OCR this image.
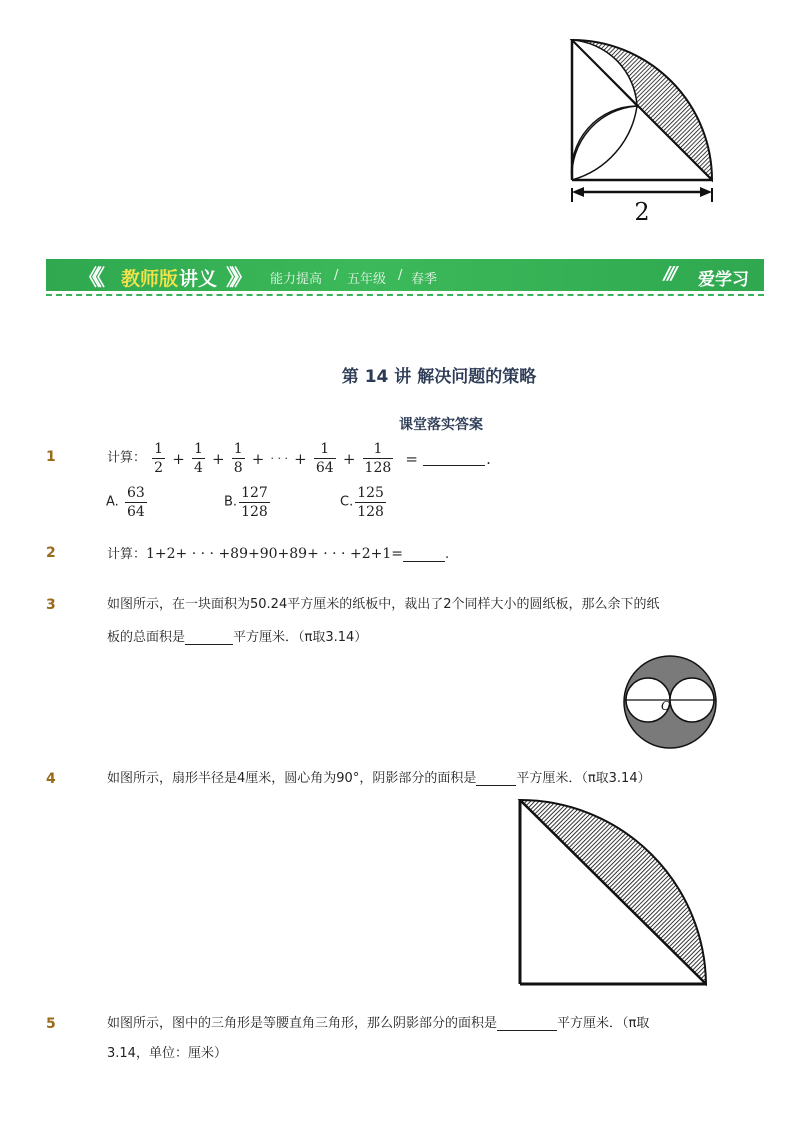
2
《《 教师版 讲义 》》 能力提高 / 五年级 / 春季	/// 爱学习
第 14 讲 解决问题的策略
课堂落实答案
1	计算： $\frac{1}{2} + \frac{1}{4} + \frac{1}{8}$ + · · · + $\frac{1}{64} + \frac{1}{128}$ =	.
A. $\frac{63}{64}$	B. $\frac{127}{128}$	C. $\frac{125}{128}$
2	计算：1+2+ · · · +89+90+89+ · · · +2+1=	.
3	如图所示，在一块面积为50.24平方厘米的纸板中，裁出了2个同样大小的圆纸板，那么余下的纸
板的总面积是	平方厘米．（π取3.14）
O
4	如图所示，扇形半径是4厘米，圆心角为90°，阴影部分的面积是	平方厘米．（π取3.14）
5	如图所示，图中的三角形是等腰直角三角形，那么阴影部分的面积是	平方厘米．（π取
3.14，单位：厘米）
